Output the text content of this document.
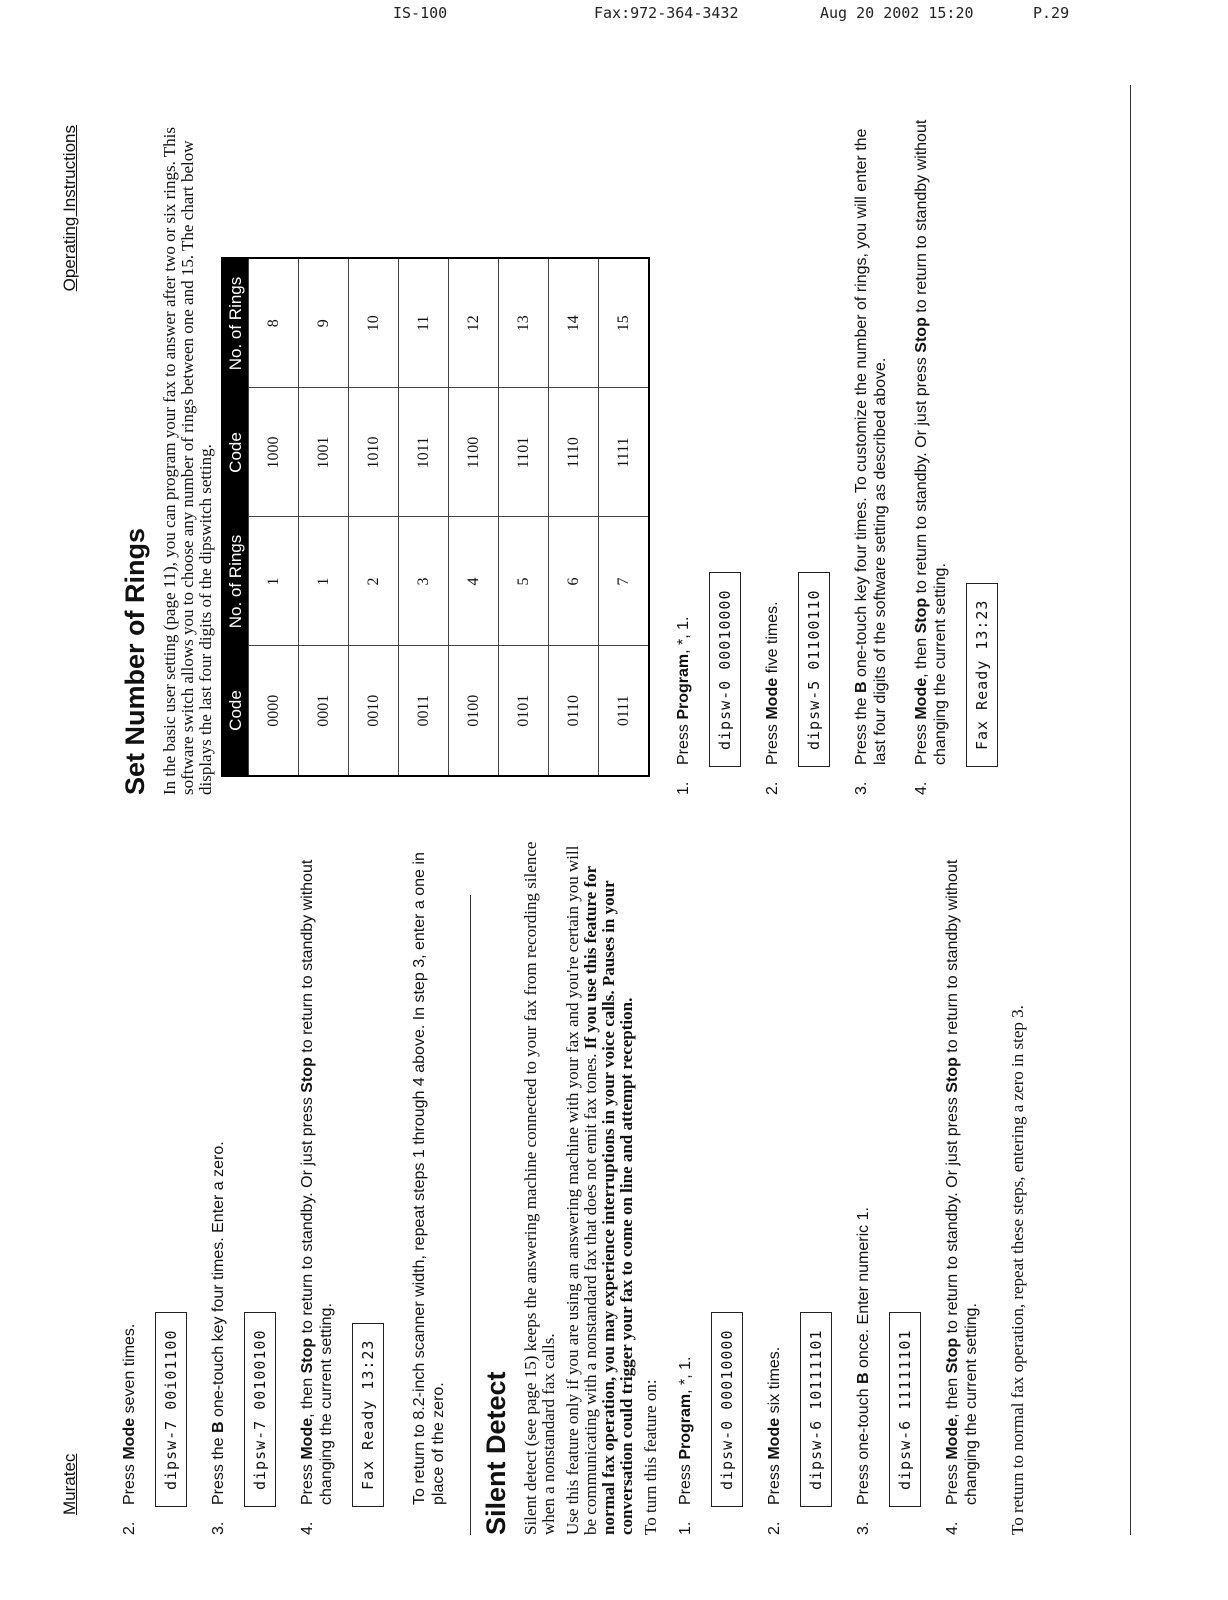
IS-100	Fax:972-364-3432	Aug 20 2002 15:20	P.29
Muratec
Operating Instructions

2.
Press Mode seven times.	dipsw-7 00i01100

3.
Press the B one-touch key four times. Enter a zero.	dipsw-7 00100100

4.
Press Mode, then Stop to return to standby. Or just press Stop to return to standby without changing the current setting.	Fax Ready 13:23	To return to 8.2-inch scanner width, repeat steps 1 through 4 above. In step 3, enter a one in place of the zero. Silent Detect Silent detect (see page 15) keeps the answering machine connected to your fax from recording silence when a nonstandard fax calls. Use this feature only if you are using an answering machine with your fax and you're certain you will be communicating with a nonstandard fax that does not emit fax tones. If you use this feature for normal fax operation, you may experience interruptions in your voice calls. Pauses in your conversation could trigger your fax to come on line and attempt reception. To turn this feature on: 1.
Press Program, *, 1.	dipsw-0 00010000

2.
Press Mode six times.	dipsw-6 10111101

3.
Press one-touch B once. Enter numeric 1.

dipsw-6 11111101

4.
Press Mode, then Stop to return to standby. Or just press Stop to return to standby without changing the current setting. To return to normal fax operation, repeat these steps, entering a zero in step 3.

Set Number of Rings In the basic user setting (page 11), you can program your fax to answer after two or six rings. This software switch allows you to choose any number of rings between one and 15. The chart below displays the last four digits of the dipswitch setting. Code	No. of Rings	Code	No. of Rings
0000	1	1000	8
0001	1	1001	9
0010	2	1010	10
0011	3	1011	11
0100	4	1100	12
0101	5	1101	13
0110	6	1110	14
0111	7	1111	15

1.
Press Program, *, 1.	dipsw-0 00010000

2.
Press Mode five times.	dipsw-5 01100110

3.
Press the B one-touch key four times. To customize the number of rings, you will enter the last four digits of the software setting as described above.

4.
Press Mode, then Stop to return to standby. Or just press Stop to return to standby without changing the current setting.	Fax Ready 13:23
